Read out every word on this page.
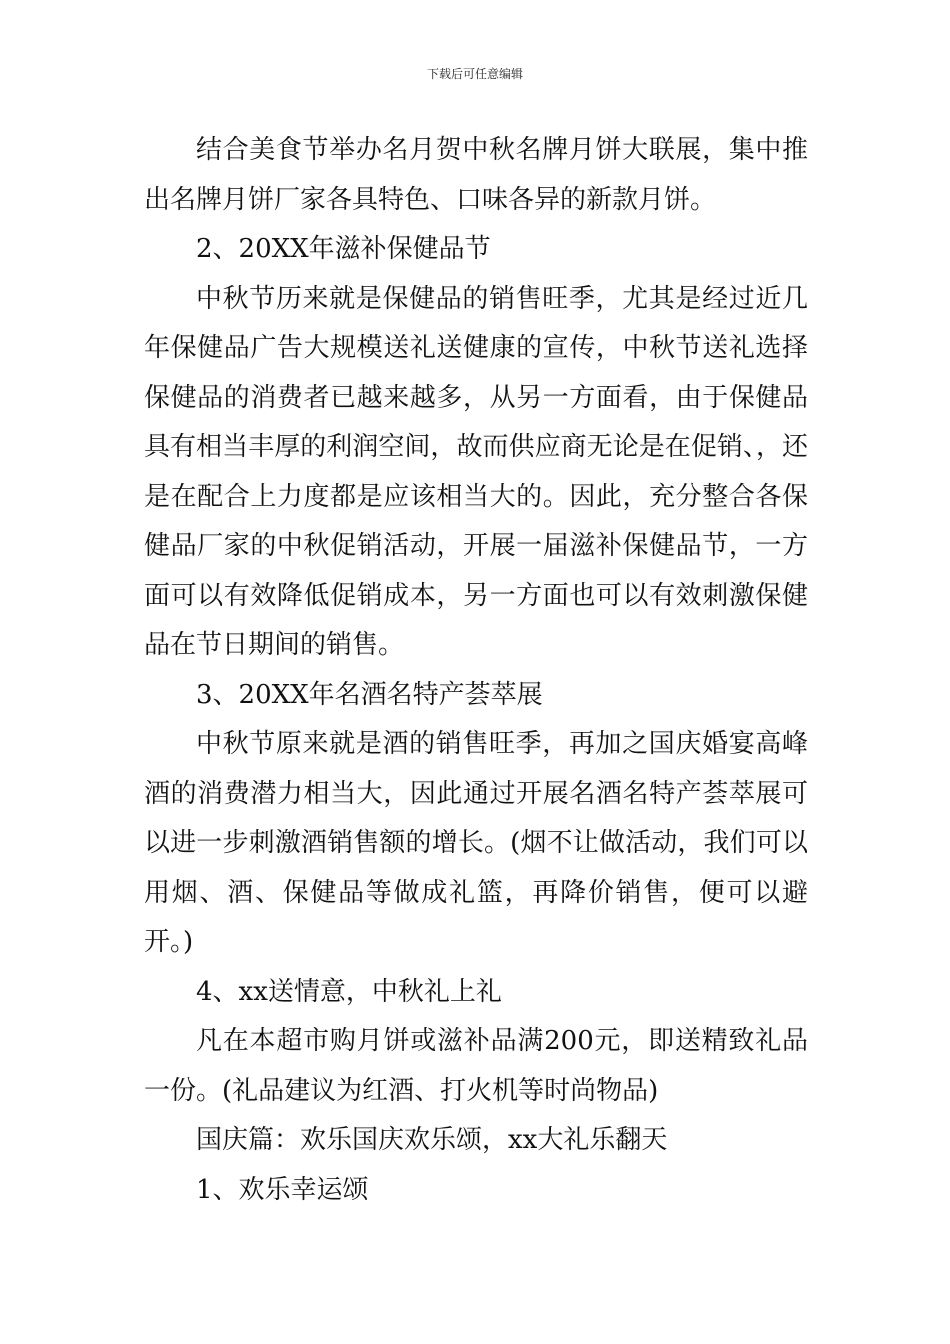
下载后可任意编辑

结合美食节举办名月贺中秋名牌月饼大联展，集中推出名牌月饼厂家各具特色、口味各异的新款月饼。

2、20XX年滋补保健品节

中秋节历来就是保健品的销售旺季，尤其是经过近几年保健品广告大规模送礼送健康的宣传，中秋节送礼选择保健品的消费者已越来越多，从另一方面看，由于保健品具有相当丰厚的利润空间，故而供应商无论是在促销、，还是在配合上力度都是应该相当大的。因此，充分整合各保健品厂家的中秋促销活动，开展一届滋补保健品节，一方面可以有效降低促销成本，另一方面也可以有效刺激保健品在节日期间的销售。

3、20XX年名酒名特产荟萃展

中秋节原来就是酒的销售旺季，再加之国庆婚宴高峰酒的消费潜力相当大，因此通过开展名酒名特产荟萃展可以进一步刺激酒销售额的增长。(烟不让做活动，我们可以用烟、酒、保健品等做成礼篮，再降价销售，便可以避开。)

4、xx送情意，中秋礼上礼

凡在本超市购月饼或滋补品满200元，即送精致礼品一份。(礼品建议为红酒、打火机等时尚物品)

国庆篇：欢乐国庆欢乐颂，xx大礼乐翻天

1、欢乐幸运颂
